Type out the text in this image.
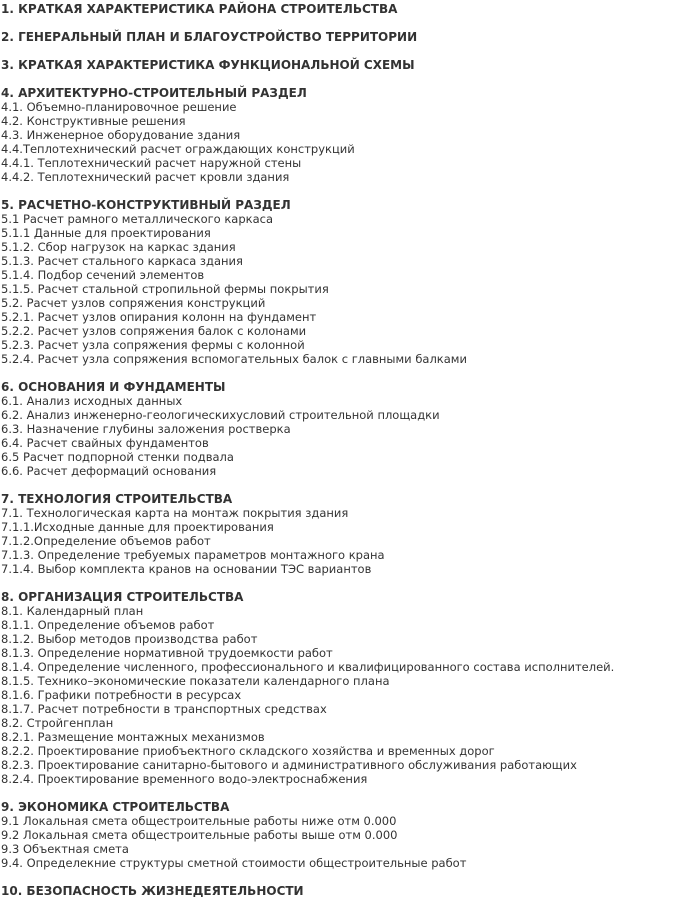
1. КРАТКАЯ ХАРАКТЕРИСТИКА РАЙОНА СТРОИТЕЛЬСТВА
2. ГЕНЕРАЛЬНЫЙ ПЛАН И БЛАГОУСТРОЙСТВО ТЕРРИТОРИИ
3. КРАТКАЯ ХАРАКТЕРИСТИКА ФУНКЦИОНАЛЬНОЙ СХЕМЫ
4. АРХИТЕКТУРНО-СТРОИТЕЛЬНЫЙ РАЗДЕЛ
4.1. Объемно-планировочное решение
4.2. Конструктивные решения
4.3. Инженерное оборудование здания
4.4.Теплотехнический расчет ограждающих конструкций
4.4.1. Теплотехнический расчет наружной стены
4.4.2. Теплотехнический расчет кровли здания
5. РАСЧЕТНО-КОНСТРУКТИВНЫЙ РАЗДЕЛ
5.1 Расчет рамного металлического каркаса
5.1.1 Данные для проектирования
5.1.2. Сбор нагрузок на каркас здания
5.1.3. Расчет стального каркаса здания
5.1.4. Подбор сечений элементов
5.1.5. Расчет стальной стропильной фермы покрытия
5.2. Расчет узлов сопряжения конструкций
5.2.1. Расчет узлов опирания колонн на фундамент
5.2.2. Расчет узлов сопряжения балок с колонами
5.2.3. Расчет узла сопряжения фермы с колонной
5.2.4. Расчет узла сопряжения вспомогательных балок с главными балками
6. ОСНОВАНИЯ И ФУНДАМЕНТЫ
6.1. Анализ исходных данных
6.2. Анализ инженерно-геологическихусловий строительной площадки
6.3. Назначение глубины заложения ростверка
6.4. Расчет свайных фундаментов
6.5 Расчет подпорной стенки подвала
6.6. Расчет деформаций основания
7. ТЕХНОЛОГИЯ СТРОИТЕЛЬСТВА
7.1. Технологическая карта на монтаж покрытия здания
7.1.1.Исходные данные для проектирования
7.1.2.Определение объемов работ
7.1.3. Определение требуемых параметров монтажного крана
7.1.4. Выбор комплекта кранов на основании ТЭС вариантов
8. ОРГАНИЗАЦИЯ СТРОИТЕЛЬСТВА
8.1. Календарный план
8.1.1. Определение объемов работ
8.1.2. Выбор методов производства работ
8.1.3. Определение нормативной трудоемкости работ
8.1.4. Определение численного, профессионального и квалифицированного состава исполнителей.
8.1.5. Технико–экономические показатели календарного плана
8.1.6. Графики потребности в ресурсах
8.1.7. Расчет потребности в транспортных средствах
8.2. Стройгенплан
8.2.1. Размещение монтажных механизмов
8.2.2. Проектирование приобъектного складского хозяйства и временных дорог
8.2.3. Проектирование санитарно-бытового и административного обслуживания работающих
8.2.4. Проектирование временного водо-электроснабжения
9. ЭКОНОМИКА СТРОИТЕЛЬСТВА
9.1 Локальная смета общестроительные работы ниже отм 0.000
9.2 Локальная смета общестроительные работы выше отм 0.000
9.3 Объектная смета
9.4. Определекние структуры сметной стоимости общестроительные работ
10. БЕЗОПАСНОСТЬ ЖИЗНЕДЕЯТЕЛЬНОСТИ
